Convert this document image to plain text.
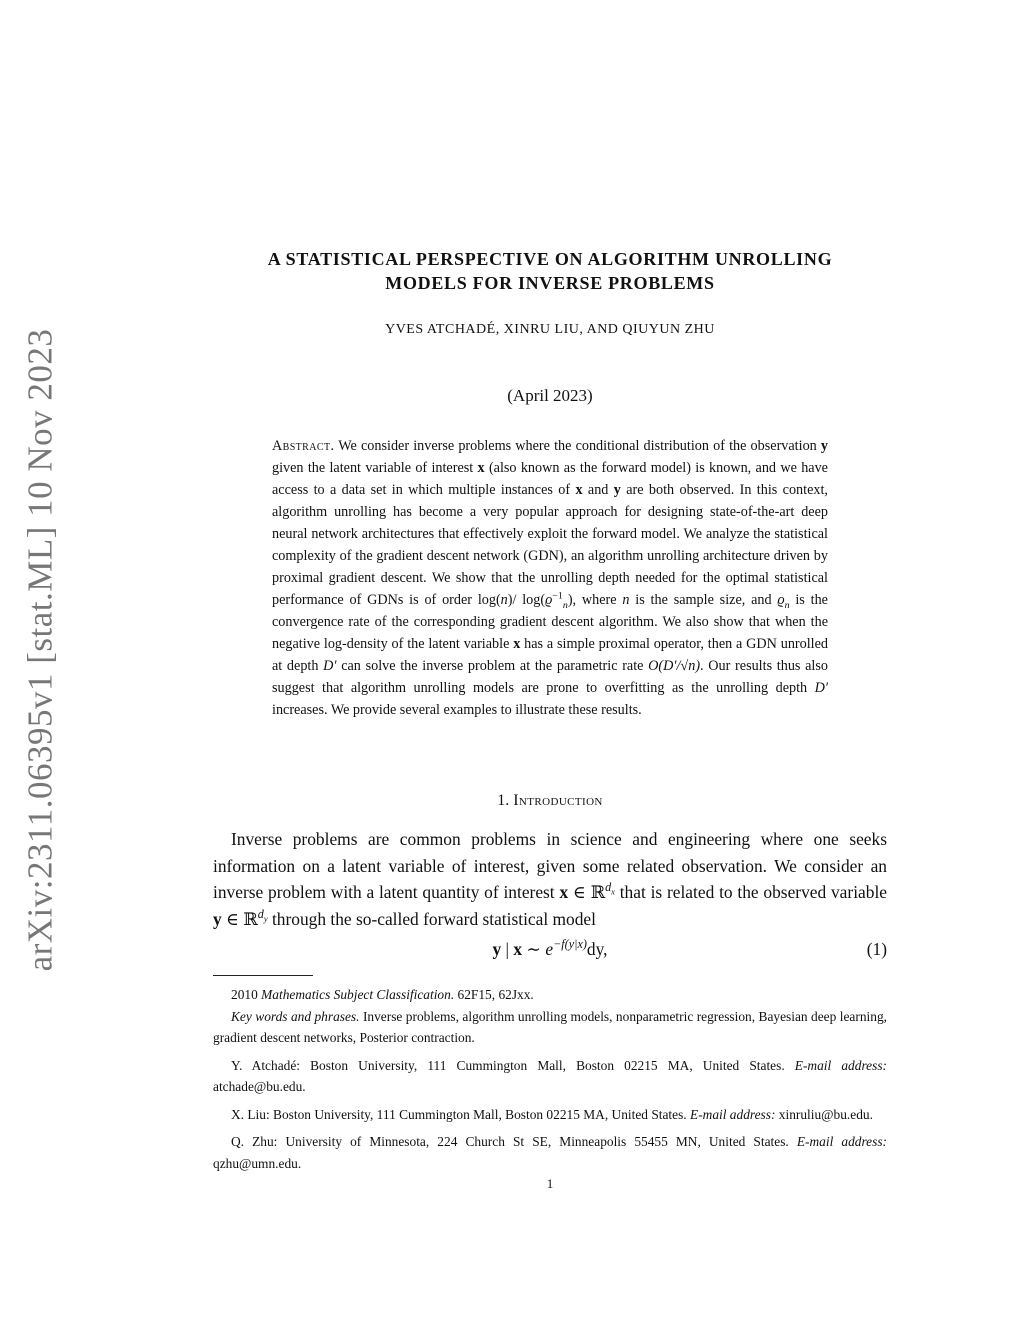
arXiv:2311.06395v1 [stat.ML] 10 Nov 2023
A STATISTICAL PERSPECTIVE ON ALGORITHM UNROLLING
MODELS FOR INVERSE PROBLEMS
YVES ATCHADÉ, XINRU LIU, AND QIUYUN ZHU
(April 2023)
Abstract. We consider inverse problems where the conditional distribution of the observation y given the latent variable of interest x (also known as the forward model) is known, and we have access to a data set in which multiple instances of x and y are both observed. In this context, algorithm unrolling has become a very popular approach for designing state-of-the-art deep neural network architectures that effectively exploit the forward model. We analyze the statistical complexity of the gradient descent network (GDN), an algorithm unrolling architecture driven by proximal gradient descent. We show that the unrolling depth needed for the optimal statistical performance of GDNs is of order log(n)/ $\log(ϱ^{-1}_n)$, where n is the sample size, and $ϱ_n$ is the convergence rate of the corresponding gradient descent algorithm. We also show that when the negative log-density of the latent variable x has a simple proximal operator, then a GDN unrolled at depth D′ can solve the inverse problem at the parametric rate O(D′/√n). Our results thus also suggest that algorithm unrolling models are prone to overfitting as the unrolling depth D′ increases. We provide several examples to illustrate these results.
1. Introduction
Inverse problems are common problems in science and engineering where one seeks information on a latent variable of interest, given some related observation. We consider an inverse problem with a latent quantity of interest x ∈ ℝ$^{d_x}$ that is related to the observed variable y ∈ ℝ$^{d_y}$ through the so-called forward statistical model
y | x ∼ $e^{-f(y|x)}dy$,	(1)

2010 Mathematics Subject Classification. 62F15, 62Jxx.

Key words and phrases. Inverse problems, algorithm unrolling models, nonparametric regression, Bayesian deep learning, gradient descent networks, Posterior contraction.

Y. Atchadé: Boston University, 111 Cummington Mall, Boston 02215 MA, United States. E-mail address: atchade@bu.edu.

X. Liu: Boston University, 111 Cummington Mall, Boston 02215 MA, United States. E-mail address: xinruliu@bu.edu.

Q. Zhu: University of Minnesota, 224 Church St SE, Minneapolis 55455 MN, United States. E-mail address: qzhu@umn.edu.

1
